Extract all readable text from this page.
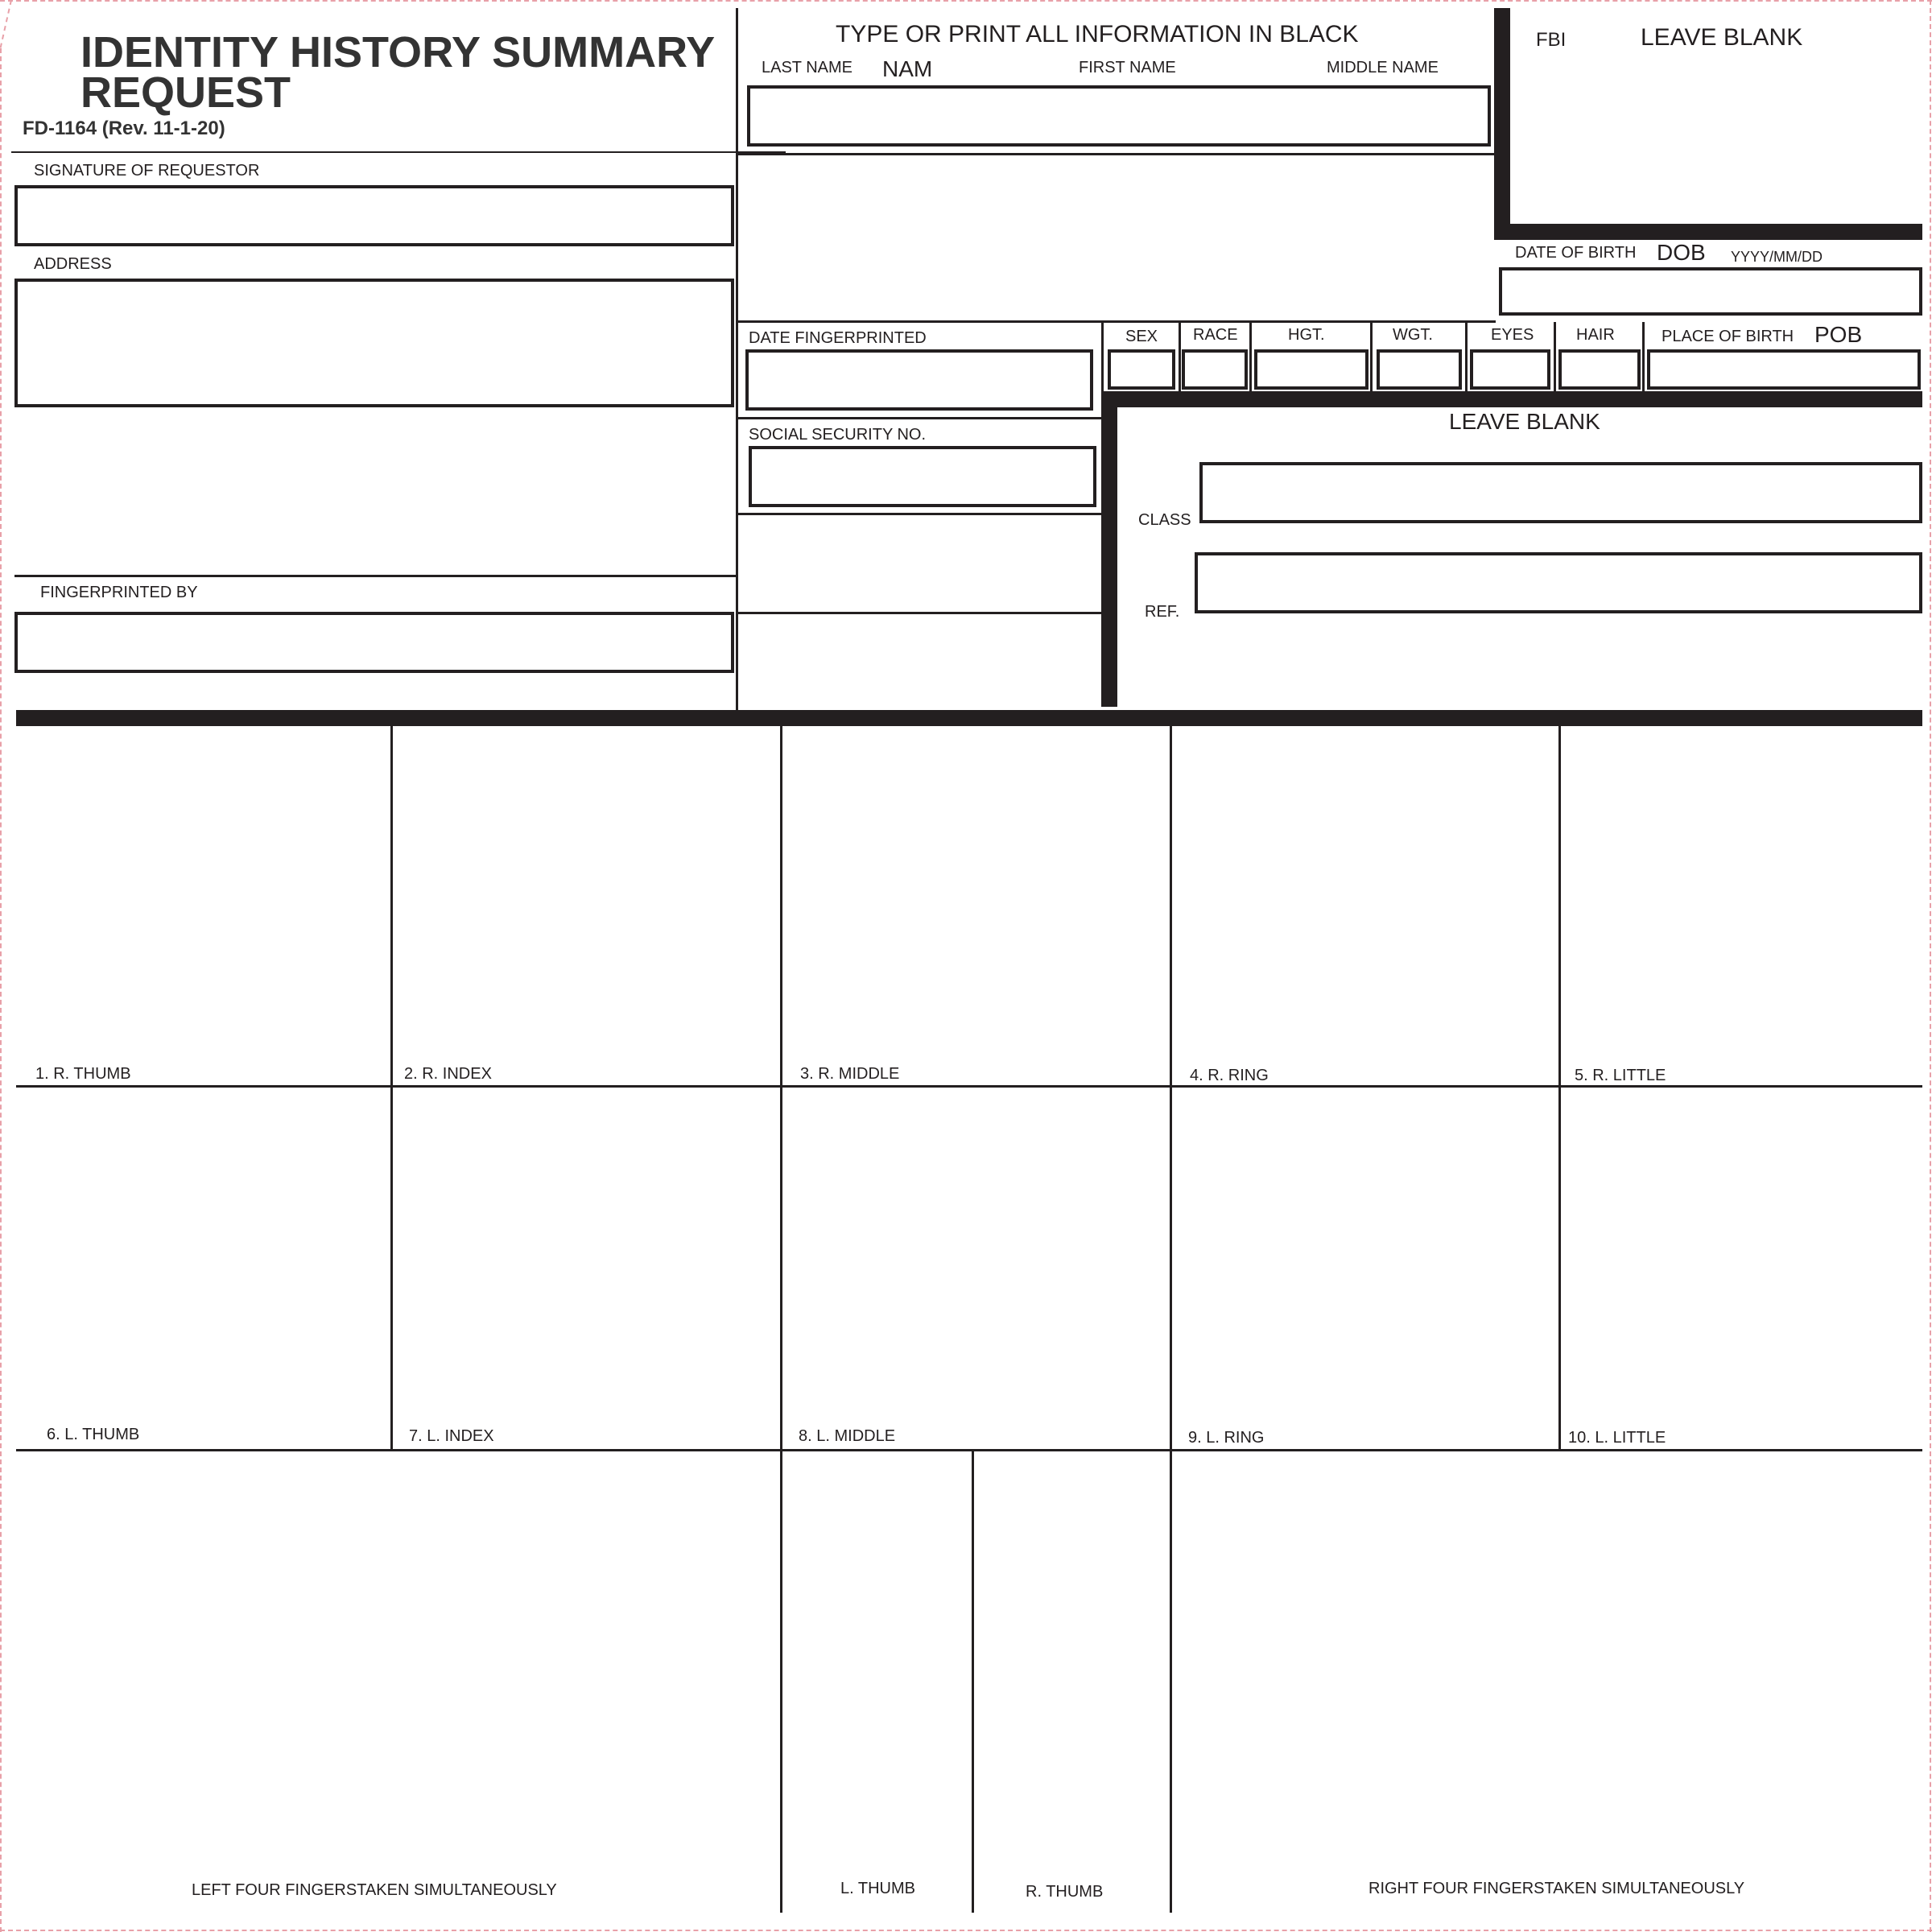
IDENTITY HISTORY SUMMARY
REQUEST
FD-1164 (Rev. 11-1-20)
FBI	LEAVE BLANK
TYPE OR PRINT ALL INFORMATION IN BLACK
LAST NAME NAM	FIRST NAME	MIDDLE NAME
SIGNATURE OF REQUESTOR
ADDRESS
FINGERPRINTED BY
DATE OF BIRTH DOB YYYY/MM/DD
DATE FINGERPRINTED
SOCIAL SECURITY NO.
SEX RACE	HGT.	WGT.	EYES	HAIR	PLACE OF BIRTH POB
LEAVE BLANK
CLASS
REF.
1. R. THUMB	2. R. INDEX	3. R. MIDDLE	4. R. RING	5. R. LITTLE
6. L. THUMB	7. L. INDEX	8. L. MIDDLE	9. L. RING	10. L. LITTLE
LEFT FOUR FINGERSTAKEN SIMULTANEOUSLY	L. THUMB	R. THUMB	RIGHT FOUR FINGERSTAKEN SIMULTANEOUSLY
